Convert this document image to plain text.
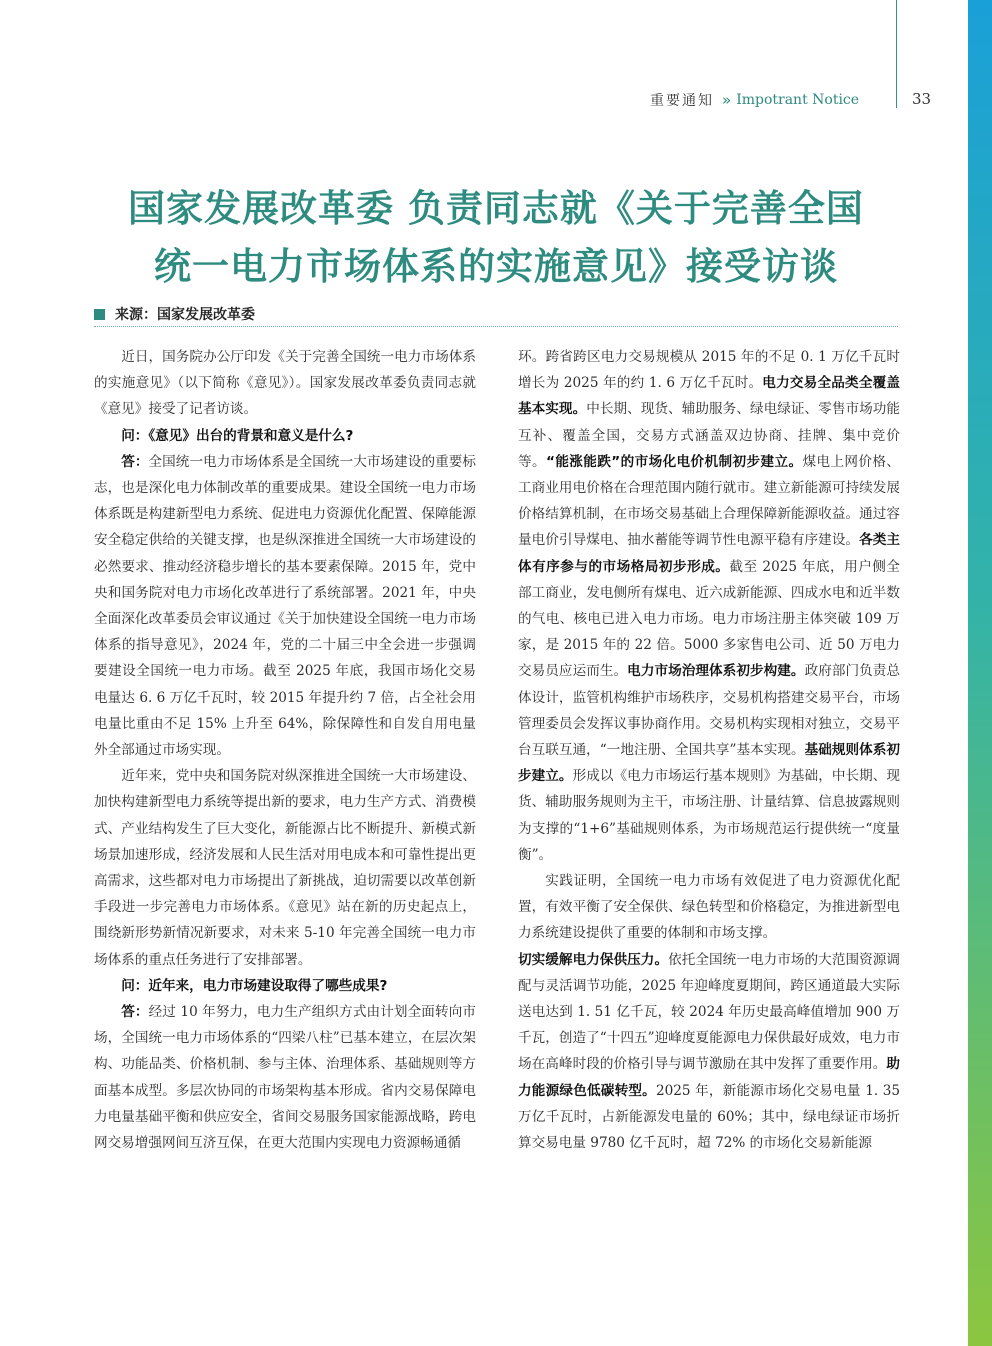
重要通知 » Impotrant Notice	33
国家发展改革委 负责同志就《关于完善全国
统一电力市场体系的实施意见》接受访谈
来源： 国家发展改革委

近日，国务院办公厅印发《关于完善全国统一电力市场体系的实施意见》（以下简称《意见》）。国家发展改革委负责同志就《意见》接受了记者访谈。

问：《意见》出台的背景和意义是什么?

答：全国统一电力市场体系是全国统一大市场建设的重要标志，也是深化电力体制改革的重要成果。建设全国统一电力市场体系既是构建新型电力系统、促进电力资源优化配置、保障能源安全稳定供给的关键支撑，也是纵深推进全国统一大市场建设的必然要求、推动经济稳步增长的基本要素保障。2015 年，党中央和国务院对电力市场化改革进行了系统部署。2021 年，中央全面深化改革委员会审议通过《关于加快建设全国统一电力市场体系的指导意见》，2024 年，党的二十届三中全会进一步强调要建设全国统一电力市场。截至 2025 年底，我国市场化交易电量达 6. 6 万亿千瓦时，较 2015 年提升约 7 倍，占全社会用电量比重由不足 15% 上升至 64%，除保障性和自发自用电量外全部通过市场实现。

近年来，党中央和国务院对纵深推进全国统一大市场建设、加快构建新型电力系统等提出新的要求，电力生产方式、消费模式、产业结构发生了巨大变化，新能源占比不断提升、新模式新场景加速形成，经济发展和人民生活对用电成本和可靠性提出更高需求，这些都对电力市场提出了新挑战，迫切需要以改革创新手段进一步完善电力市场体系。《意见》站在新的历史起点上，围绕新形势新情况新要求，对未来 5-10 年完善全国统一电力市场体系的重点任务进行了安排部署。

问：近年来，电力市场建设取得了哪些成果?

答：经过 10 年努力，电力生产组织方式由计划全面转向市场，全国统一电力市场体系的“四梁八柱”已基本建立，在层次架构、功能品类、价格机制、参与主体、治理体系、基础规则等方面基本成型。多层次协同的市场架构基本形成。省内交易保障电力电量基础平衡和供应安全，省间交易服务国家能源战略，跨电网交易增强网间互济互保，在更大范围内实现电力资源畅通循

环。跨省跨区电力交易规模从 2015 年的不足 0. 1 万亿千瓦时增长为 2025 年的约 1. 6 万亿千瓦时。电力交易全品类全覆盖基本实现。中长期、现货、辅助服务、绿电绿证、零售市场功能互补、覆盖全国，交易方式涵盖双边协商、挂牌、集中竞价等。“能涨能跌”的市场化电价机制初步建立。煤电上网价格、工商业用电价格在合理范围内随行就市。建立新能源可持续发展价格结算机制，在市场交易基础上合理保障新能源收益。通过容量电价引导煤电、抽水蓄能等调节性电源平稳有序建设。各类主体有序参与的市场格局初步形成。截至 2025 年底，用户侧全部工商业，发电侧所有煤电、近六成新能源、四成水电和近半数的气电、核电已进入电力市场。电力市场注册主体突破 109 万家，是 2015 年的 22 倍。5000 多家售电公司、近 50 万电力交易员应运而生。电力市场治理体系初步构建。政府部门负责总体设计，监管机构维护市场秩序，交易机构搭建交易平台，市场管理委员会发挥议事协商作用。交易机构实现相对独立，交易平台互联互通，“一地注册、全国共享”基本实现。基础规则体系初步建立。形成以《电力市场运行基本规则》为基础，中长期、现货、辅助服务规则为主干，市场注册、计量结算、信息披露规则为支撑的“1+6”基础规则体系，为市场规范运行提供统一“度量衡”。

实践证明，全国统一电力市场有效促进了电力资源优化配置，有效平衡了安全保供、绿色转型和价格稳定，为推进新型电力系统建设提供了重要的体制和市场支撑。

切实缓解电力保供压力。依托全国统一电力市场的大范围资源调配与灵活调节功能，2025 年迎峰度夏期间，跨区通道最大实际送电达到 1. 51 亿千瓦，较 2024 年历史最高峰值增加 900 万千瓦，创造了“十四五”迎峰度夏能源电力保供最好成效，电力市场在高峰时段的价格引导与调节激励在其中发挥了重要作用。助力能源绿色低碳转型。2025 年，新能源市场化交易电量 1. 35 万亿千瓦时，占新能源发电量的 60%；其中，绿电绿证市场折算交易电量 9780 亿千瓦时，超 72% 的市场化交易新能源
